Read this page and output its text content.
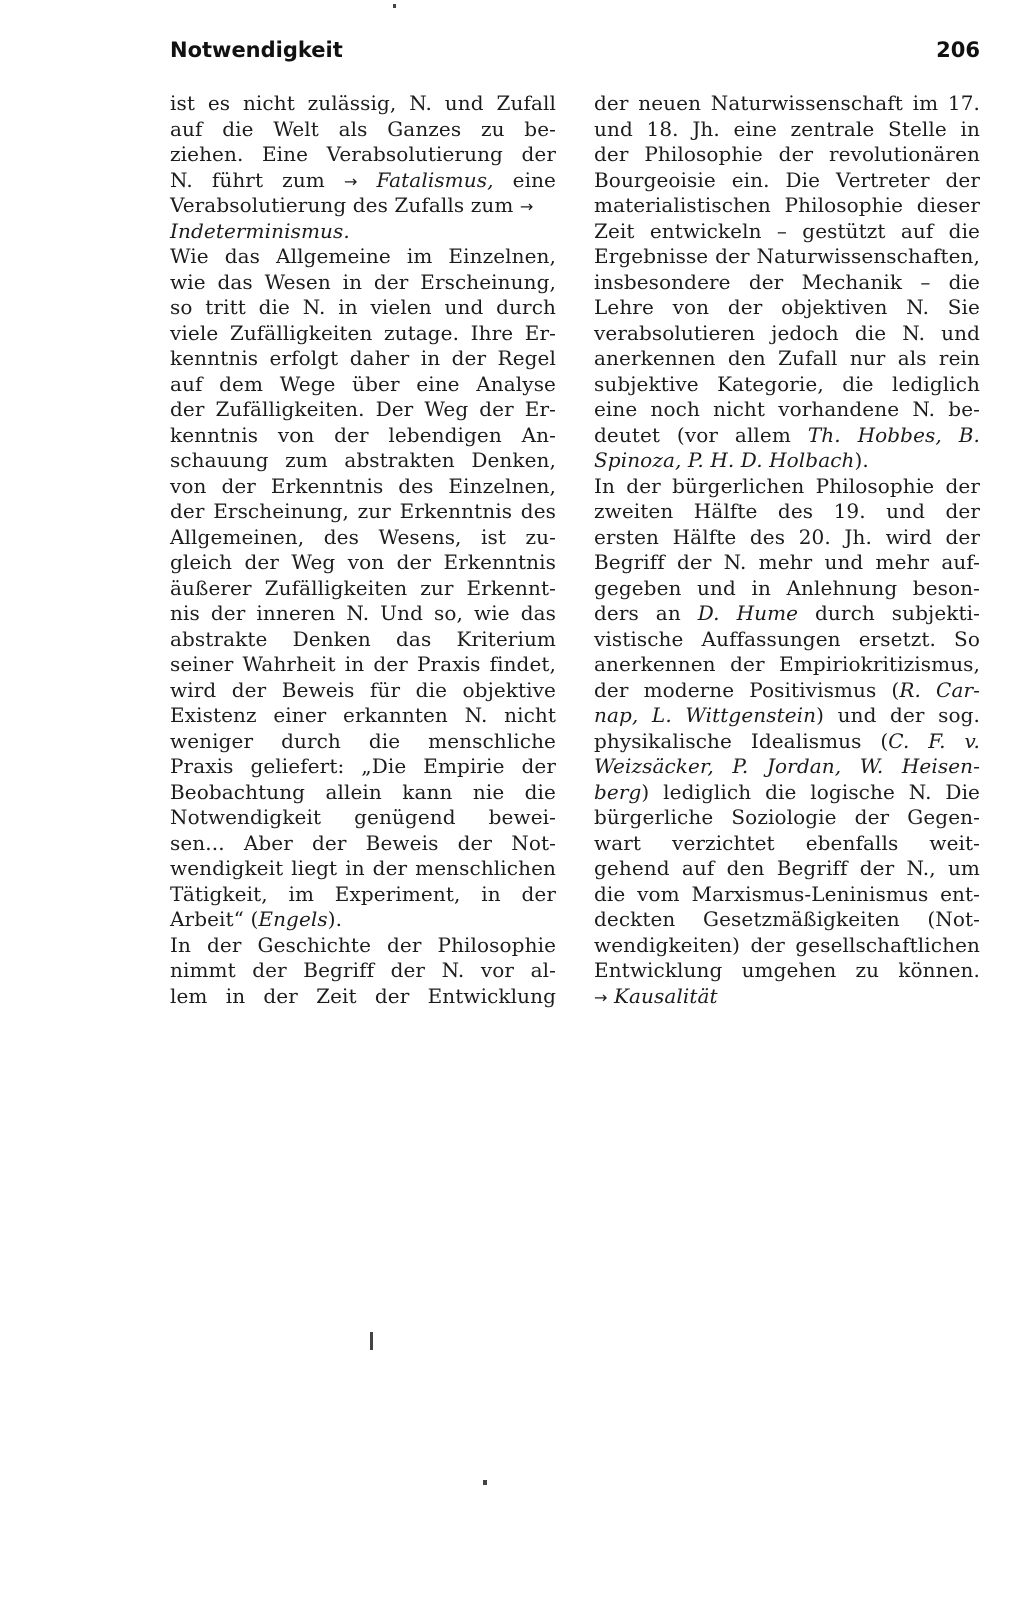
Notwendigkeit	206
ist es nicht zulässig, N. und Zufall
auf die Welt als Ganzes zu be-
ziehen. Eine Verabsolutierung der
N. führt zum → Fatalismus, eine
Verabsolutierung des Zufalls zum →
Indeterminismus.
Wie das Allgemeine im Einzelnen,
wie das Wesen in der Erscheinung,
so tritt die N. in vielen und durch
viele Zufälligkeiten zutage. Ihre Er-
kenntnis erfolgt daher in der Regel
auf dem Wege über eine Analyse
der Zufälligkeiten. Der Weg der Er-
kenntnis von der lebendigen An-
schauung zum abstrakten Denken,
von der Erkenntnis des Einzelnen,
der Erscheinung, zur Erkenntnis des
Allgemeinen, des Wesens, ist zu-
gleich der Weg von der Erkenntnis
äußerer Zufälligkeiten zur Erkennt-
nis der inneren N. Und so, wie das
abstrakte Denken das Kriterium
seiner Wahrheit in der Praxis findet,
wird der Beweis für die objektive
Existenz einer erkannten N. nicht
weniger durch die menschliche
Praxis geliefert: „Die Empirie der
Beobachtung allein kann nie die
Notwendigkeit genügend bewei-
sen... Aber der Beweis der Not-
wendigkeit liegt in der menschlichen
Tätigkeit, im Experiment, in der
Arbeit“ (Engels).
In der Geschichte der Philosophie
nimmt der Begriff der N. vor al-
lem in der Zeit der Entwicklung
der neuen Naturwissenschaft im 17.
und 18. Jh. eine zentrale Stelle in
der Philosophie der revolutionären
Bourgeoisie ein. Die Vertreter der
materialistischen Philosophie dieser
Zeit entwickeln – gestützt auf die
Ergebnisse der Naturwissenschaften,
insbesondere der Mechanik – die
Lehre von der objektiven N. Sie
verabsolutieren jedoch die N. und
anerkennen den Zufall nur als rein
subjektive Kategorie, die lediglich
eine noch nicht vorhandene N. be-
deutet (vor allem Th. Hobbes, B.
Spinoza, P. H. D. Holbach).
In der bürgerlichen Philosophie der
zweiten Hälfte des 19. und der
ersten Hälfte des 20. Jh. wird der
Begriff der N. mehr und mehr auf-
gegeben und in Anlehnung beson-
ders an D. Hume durch subjekti-
vistische Auffassungen ersetzt. So
anerkennen der Empiriokritizismus,
der moderne Positivismus (R. Car-
nap, L. Wittgenstein) und der sog.
physikalische Idealismus (C. F. v.
Weizsäcker, P. Jordan, W. Heisen-
berg) lediglich die logische N. Die
bürgerliche Soziologie der Gegen-
wart verzichtet ebenfalls weit-
gehend auf den Begriff der N., um
die vom Marxismus-Leninismus ent-
deckten Gesetzmäßigkeiten (Not-
wendigkeiten) der gesellschaftlichen
Entwicklung umgehen zu können.
→ Kausalität
